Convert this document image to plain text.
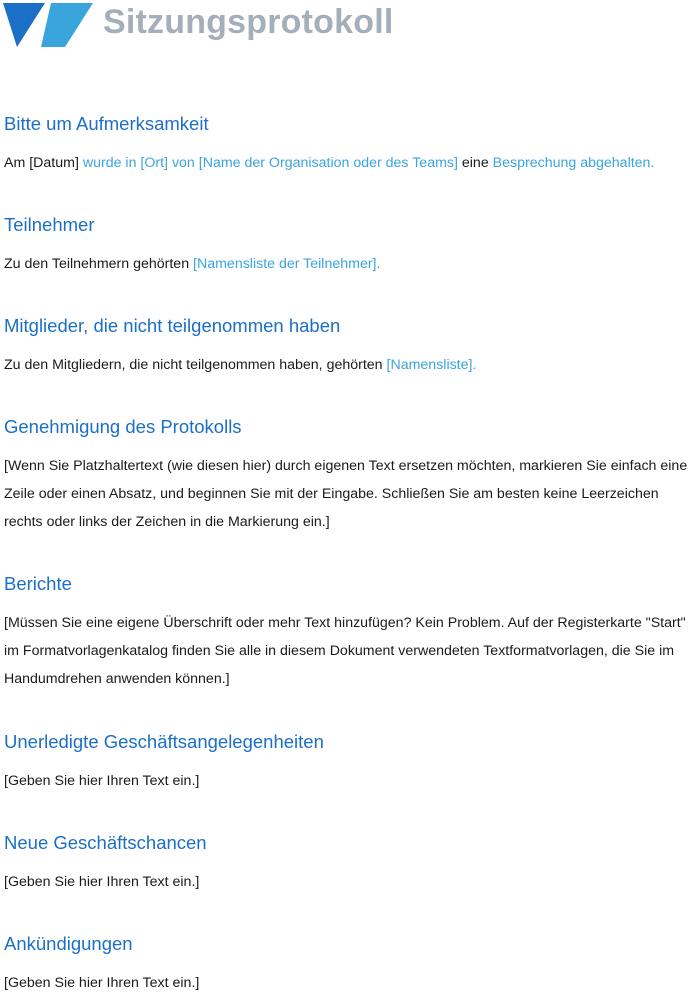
Sitzungsprotokoll
Bitte um Aufmerksamkeit

Am [Datum] wurde in [Ort] von [Name der Organisation oder des Teams] eine Besprechung abgehalten.

Teilnehmer

Zu den Teilnehmern gehörten [Namensliste der Teilnehmer].

Mitglieder, die nicht teilgenommen haben

Zu den Mitgliedern, die nicht teilgenommen haben, gehörten [Namensliste].

Genehmigung des Protokolls

[Wenn Sie Platzhaltertext (wie diesen hier) durch eigenen Text ersetzen möchten, markieren Sie einfach eine Zeile oder einen Absatz, und beginnen Sie mit der Eingabe. Schließen Sie am besten keine Leerzeichen rechts oder links der Zeichen in die Markierung ein.]

Berichte

[Müssen Sie eine eigene Überschrift oder mehr Text hinzufügen? Kein Problem. Auf der Registerkarte "Start" im Formatvorlagenkatalog finden Sie alle in diesem Dokument verwendeten Textformatvorlagen, die Sie im Handumdrehen anwenden können.]

Unerledigte Geschäftsangelegenheiten

[Geben Sie hier Ihren Text ein.]

Neue Geschäftschancen

[Geben Sie hier Ihren Text ein.]

Ankündigungen

[Geben Sie hier Ihren Text ein.]
